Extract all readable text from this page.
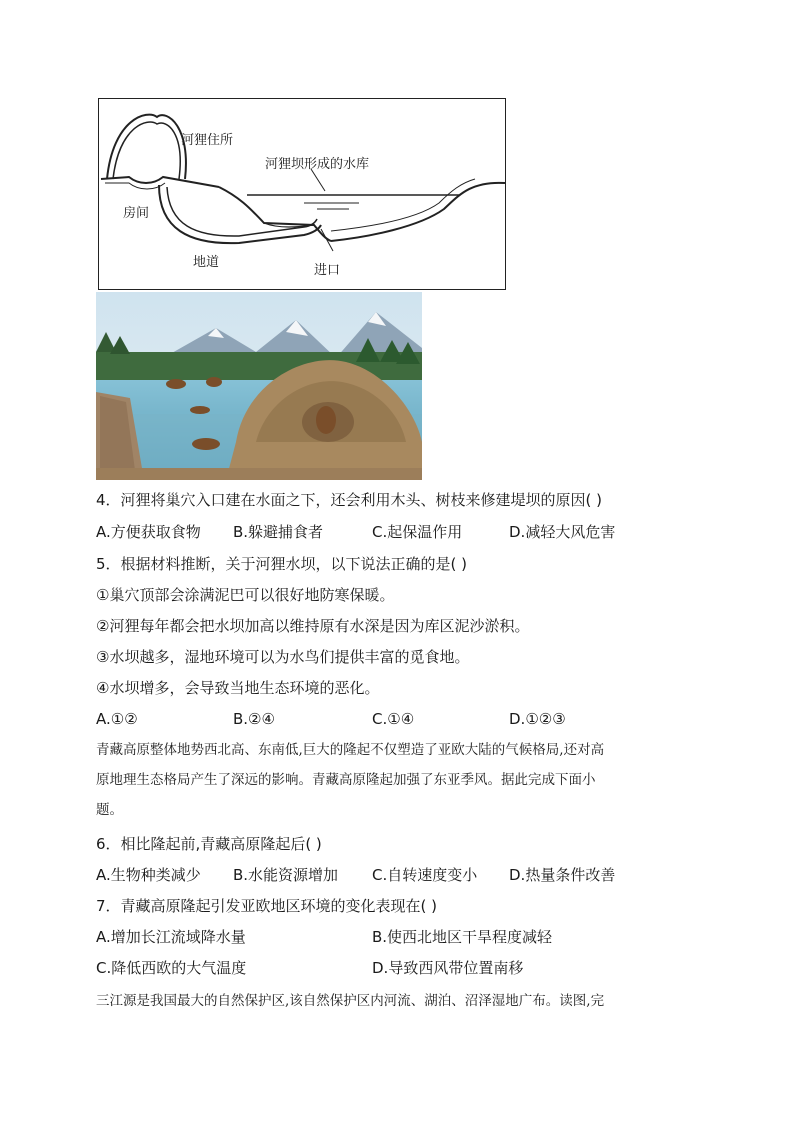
河狸住所
河狸坝形成的水库
房间
地道
进口
4．河狸将巢穴入口建在水面之下，还会利用木头、树枝来修建堤坝的原因( )
A.方便获取食物 B.躲避捕食者	C.起保温作用	D.减轻大风危害
5．根据材料推断，关于河狸水坝，以下说法正确的是( )
①巢穴顶部会涂满泥巴可以很好地防寒保暖。
②河狸每年都会把水坝加高以维持原有水深是因为库区泥沙淤积。
③水坝越多，湿地环境可以为水鸟们提供丰富的觅食地。
④水坝增多，会导致当地生态环境的恶化。
A.①②	B.②④	C.①④	D.①②③
青藏高原整体地势西北高、东南低,巨大的隆起不仅塑造了亚欧大陆的气候格局,还对高
原地理生态格局产生了深远的影响。青藏高原隆起加强了东亚季风。据此完成下面小
题。
6．相比隆起前,青藏高原隆起后( )
A.生物种类减少 B.水能资源增加 C.自转速度变小 D.热量条件改善
7．青藏高原隆起引发亚欧地区环境的变化表现在( )
A.增加长江流域降水量	B.使西北地区干旱程度减轻
C.降低西欧的大气温度	D.导致西风带位置南移
三江源是我国最大的自然保护区,该自然保护区内河流、湖泊、沼泽湿地广布。读图,完
